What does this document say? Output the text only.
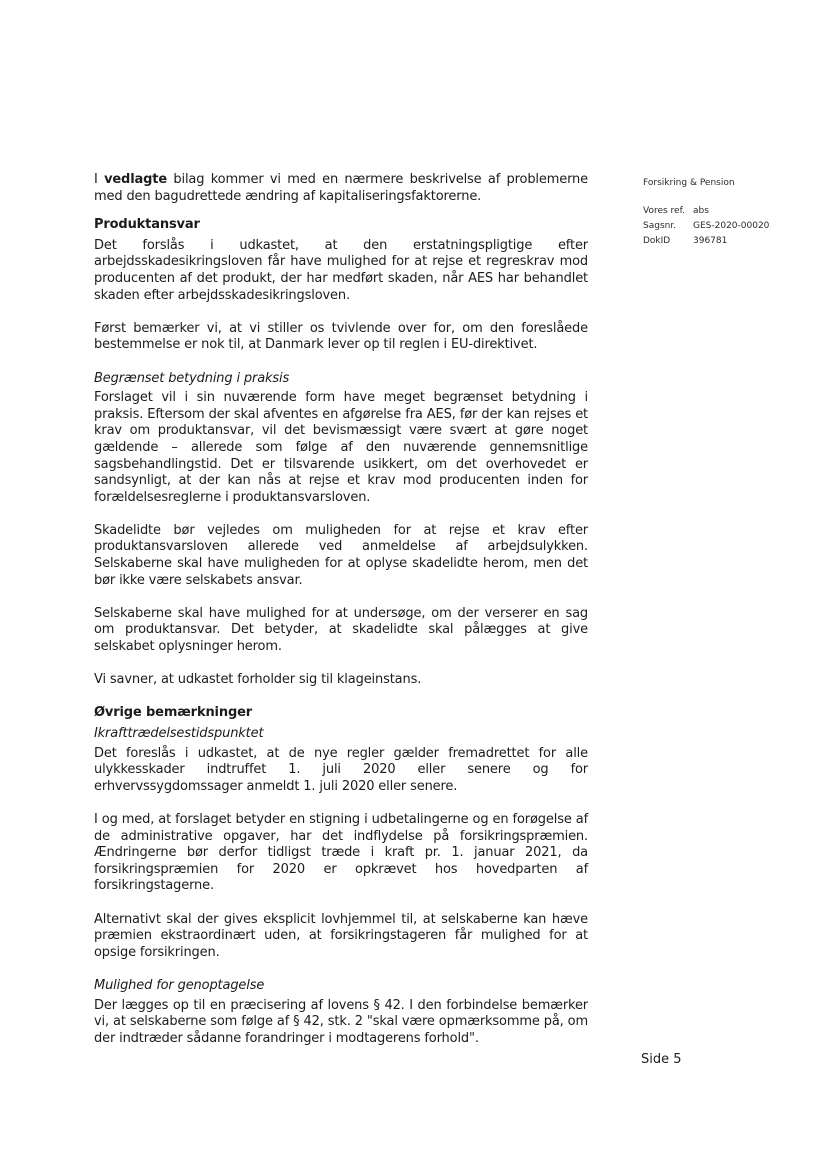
Forsikring & Pension
Vores ref. abs
Sagsnr.	GES-2020-00020
DokID	396781

I vedlagte bilag kommer vi med en nærmere beskrivelse af problemerne med den bagudrettede ændring af kapitaliseringsfaktorerne.

Produktansvar

Det forslås i udkastet, at den erstatningspligtige efter arbejdsskadesikringsloven får have mulighed for at rejse et regreskrav mod producenten af det produkt, der har medført skaden, når AES har behandlet skaden efter arbejdsskadesikringsloven.

Først bemærker vi, at vi stiller os tvivlende over for, om den foreslåede bestemmelse er nok til, at Danmark lever op til reglen i EU-direktivet.

Begrænset betydning i praksis

Forslaget vil i sin nuværende form have meget begrænset betydning i praksis. Eftersom der skal afventes en afgørelse fra AES, før der kan rejses et krav om produktansvar, vil det bevismæssigt være svært at gøre noget gældende – allerede som følge af den nuværende gennemsnitlige sagsbehandlingstid. Det er tilsvarende usikkert, om det overhovedet er sandsynligt, at der kan nås at rejse et krav mod producenten inden for forældelsesreglerne i produktansvarsloven.

Skadelidte bør vejledes om muligheden for at rejse et krav efter produktansvarsloven allerede ved anmeldelse af arbejdsulykken. Selskaberne skal have muligheden for at oplyse skadelidte herom, men det bør ikke være selskabets ansvar.

Selskaberne skal have mulighed for at undersøge, om der verserer en sag om produktansvar. Det betyder, at skadelidte skal pålægges at give selskabet oplysninger herom.

Vi savner, at udkastet forholder sig til klageinstans.

Øvrige bemærkninger
Ikrafttrædelsestidspunktet

Det foreslås i udkastet, at de nye regler gælder fremadrettet for alle ulykkesskader indtruffet 1. juli 2020 eller senere og for erhvervssygdomssager anmeldt 1. juli 2020 eller senere.

I og med, at forslaget betyder en stigning i udbetalingerne og en forøgelse af de administrative opgaver, har det indflydelse på forsikringspræmien. Ændringerne bør derfor tidligst træde i kraft pr. 1. januar 2021, da forsikringspræmien for 2020 er opkrævet hos hovedparten af forsikringstagerne.

Alternativt skal der gives eksplicit lovhjemmel til, at selskaberne kan hæve præmien ekstraordinært uden, at forsikringstageren får mulighed for at opsige forsikringen.

Mulighed for genoptagelse

Der lægges op til en præcisering af lovens § 42. I den forbindelse bemærker vi, at selskaberne som følge af § 42, stk. 2 "skal være opmærksomme på, om der indtræder sådanne forandringer i modtagerens forhold".

Side 5
